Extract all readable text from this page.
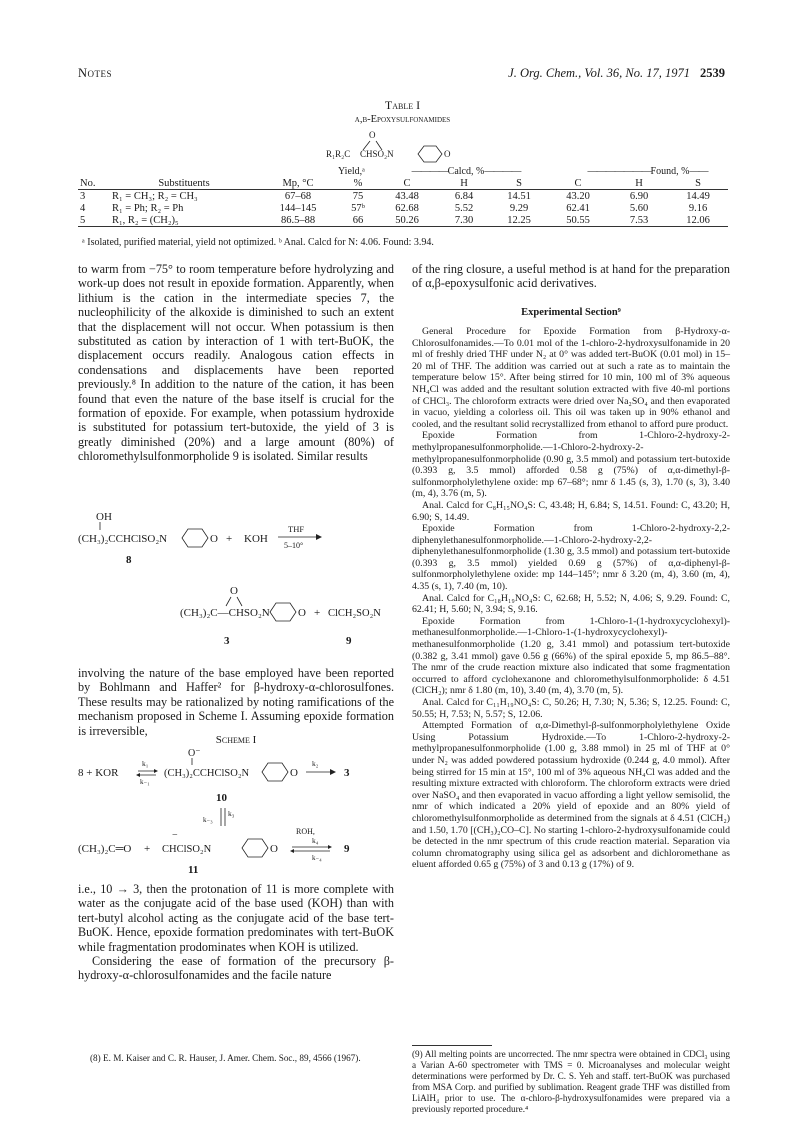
Notes	J. Org. Chem., Vol. 36, No. 17, 1971 2539
Table I
α,β-Epoxysulfonamides
O
R₁R₂C CHSO₂N	O
Yield,ᵃ	————Calcd, %————	———————Found, %——
No.	Substituents	Mp, °C	%	C	H	S	C	H	S
3	R₁ = CH₃; R₂ = CH₃	67–68	75	43.48	6.84	14.51	43.20	6.90	14.49
4	R₁ = Ph; R₂ = Ph	144–145	57ᵇ	62.68	5.52	9.29	62.41	5.60	9.16
5	R₁, R₂ = (CH₂)₅	86.5–88	66	50.26	7.30	12.25	50.55	7.53	12.06
ᵃ Isolated, purified material, yield not optimized. ᵇ Anal. Calcd for N: 4.06. Found: 3.94.

to warm from −75° to room temperature before hydrolyzing and work-up does not result in epoxide formation. Apparently, when lithium is the cation in the intermediate species 7, the nucleophilicity of the alkoxide is diminished to such an extent that the displacement will not occur. When potassium is then substituted as cation by interaction of 1 with tert-BuOK, the displacement occurs readily. Analogous cation effects in condensations and displacements have been reported previously.⁸ In addition to the nature of the cation, it has been found that even the nature of the base itself is crucial for the formation of epoxide. For example, when potassium hydroxide is substituted for potassium tert-butoxide, the yield of 3 is greatly diminished (20%) and a large amount (80%) of chloromethylsulfonmorpholide 9 is isolated. Similar results

OH
(CH₃)₂CCHClSO₂N	O + KOH
THF
5–10°
8
O
(CH₃)₂C—CHSO₂N	O + ClCH₂SO₂N
3	9

involving the nature of the base employed have been reported by Bohlmann and Haffer² for β-hydroxy-α-chlorosulfones. These results may be rationalized by noting ramifications of the mechanism proposed in Scheme I. Assuming epoxide formation is irreversible,

Scheme I
O⁻
8 + KOR
k₁
k₋₁
(CH₃)₂CCHClSO₂N	O
k₂
3
10
k₋₃
k₃
(CH₃)₂C═O +
−
CHClSO₂N	O
ROH,
k₄
k₋₄
9
11

i.e., 10 → 3, then the protonation of 11 is more complete with water as the conjugate acid of the base used (KOH) than with tert-butyl alcohol acting as the conjugate acid of the base tert-BuOK. Hence, epoxide formation predominates with tert-BuOK while fragmentation prodominates when KOH is utilized.

Considering the ease of formation of the precursory β-hydroxy-α-chlorosulfonamides and the facile nature

(8) E. M. Kaiser and C. R. Hauser, J. Amer. Chem. Soc., 89, 4566 (1967).

of the ring closure, a useful method is at hand for the preparation of α,β-epoxysulfonic acid derivatives.

Experimental Section⁹

General Procedure for Epoxide Formation from β-Hydroxy-α-Chlorosulfonamides.—To 0.01 mol of the 1-chloro-2-hydroxysulfonamide in 20 ml of freshly dried THF under N₂ at 0° was added tert-BuOK (0.01 mol) in 15–20 ml of THF. The addition was carried out at such a rate as to maintain the temperature below 15°. After being stirred for 10 min, 100 ml of 3% aqueous NH₄Cl was added and the resultant solution extracted with five 40-ml portions of CHCl₃. The chloroform extracts were dried over Na₂SO₄ and then evaporated in vacuo, yielding a colorless oil. This oil was taken up in 90% ethanol and cooled, and the resultant solid recrystallized from ethanol to afford pure product.

Epoxide Formation from 1-Chloro-2-hydroxy-2-methylpropanesulfonmorpholide.—1-Chloro-2-hydroxy-2-methylpropanesulfonmorpholide (0.90 g, 3.5 mmol) and potassium tert-butoxide (0.393 g, 3.5 mmol) afforded 0.58 g (75%) of α,α-dimethyl-β-sulfonmorpholylethylene oxide: mp 67–68°; nmr δ 1.45 (s, 3), 1.70 (s, 3), 3.40 (m, 4), 3.76 (m, 5).

Anal. Calcd for C₈H₁₅NO₄S: C, 43.48; H, 6.84; S, 14.51. Found: C, 43.20; H, 6.90; S, 14.49.

Epoxide Formation from 1-Chloro-2-hydroxy-2,2-diphenylethanesulfonmorpholide.—1-Chloro-2-hydroxy-2,2-diphenylethanesulfonmorpholide (1.30 g, 3.5 mmol) and potassium tert-butoxide (0.393 g, 3.5 mmol) yielded 0.69 g (57%) of α,α-diphenyl-β-sulfonmorpholylethylene oxide: mp 144–145°; nmr δ 3.20 (m, 4), 3.60 (m, 4), 4.35 (s, 1), 7.40 (m, 10).

Anal. Calcd for C₁₈H₁₉NO₄S: C, 62.68; H, 5.52; N, 4.06; S, 9.29. Found: C, 62.41; H, 5.60; N, 3.94; S, 9.16.

Epoxide Formation from 1-Chloro-1-(1-hydroxycyclohexyl)-methanesulfonmorpholide.—1-Chloro-1-(1-hydroxycyclohexyl)-methanesulfonmorpholide (1.20 g, 3.41 mmol) and potassium tert-butoxide (0.382 g, 3.41 mmol) gave 0.56 g (66%) of the spiral epoxide 5, mp 86.5–88°. The nmr of the crude reaction mixture also indicated that some fragmentation occurred to afford cyclohexanone and chloromethylsulfonmorpholide: δ 4.51 (ClCH₂); nmr δ 1.80 (m, 10), 3.40 (m, 4), 3.70 (m, 5).

Anal. Calcd for C₁₁H₁₉NO₄S: C, 50.26; H, 7.30; N, 5.36; S, 12.25. Found: C, 50.55; H, 7.53; N, 5.57; S, 12.06.

Attempted Formation of α,α-Dimethyl-β-sulfonmorpholylethylene Oxide Using Potassium Hydroxide.—To 1-Chloro-2-hydroxy-2-methylpropanesulfonmorpholide (1.00 g, 3.88 mmol) in 25 ml of THF at 0° under N₂ was added powdered potassium hydroxide (0.244 g, 4.0 mmol). After being stirred for 15 min at 15°, 100 ml of 3% aqueous NH₄Cl was added and the resulting mixture extracted with chloroform. The chloroform extracts were dried over NaSO₄ and then evaporated in vacuo affording a light yellow semisolid, the nmr of which indicated a 20% yield of epoxide and an 80% yield of chloromethylsulfonmorpholide as determined from the signals at δ 4.51 (ClCH₂) and 1.50, 1.70 [(CH₃)₂CO–C]. No starting 1-chloro-2-hydroxysulfonamide could be detected in the nmr spectrum of this crude reaction material. Separation via column chromatography using silica gel as adsorbent and dichloromethane as eluent afforded 0.65 g (75%) of 3 and 0.13 g (17%) of 9.

(9) All melting points are uncorrected. The nmr spectra were obtained in CDCl₃ using a Varian A-60 spectrometer with TMS = 0. Microanalyses and molecular weight determinations were performed by Dr. C. S. Yeh and staff. tert-BuOK was purchased from MSA Corp. and purified by sublimation. Reagent grade THF was distilled from LiAlH₄ prior to use. The α-chloro-β-hydroxysulfonamides were prepared via a previously reported procedure.⁴
